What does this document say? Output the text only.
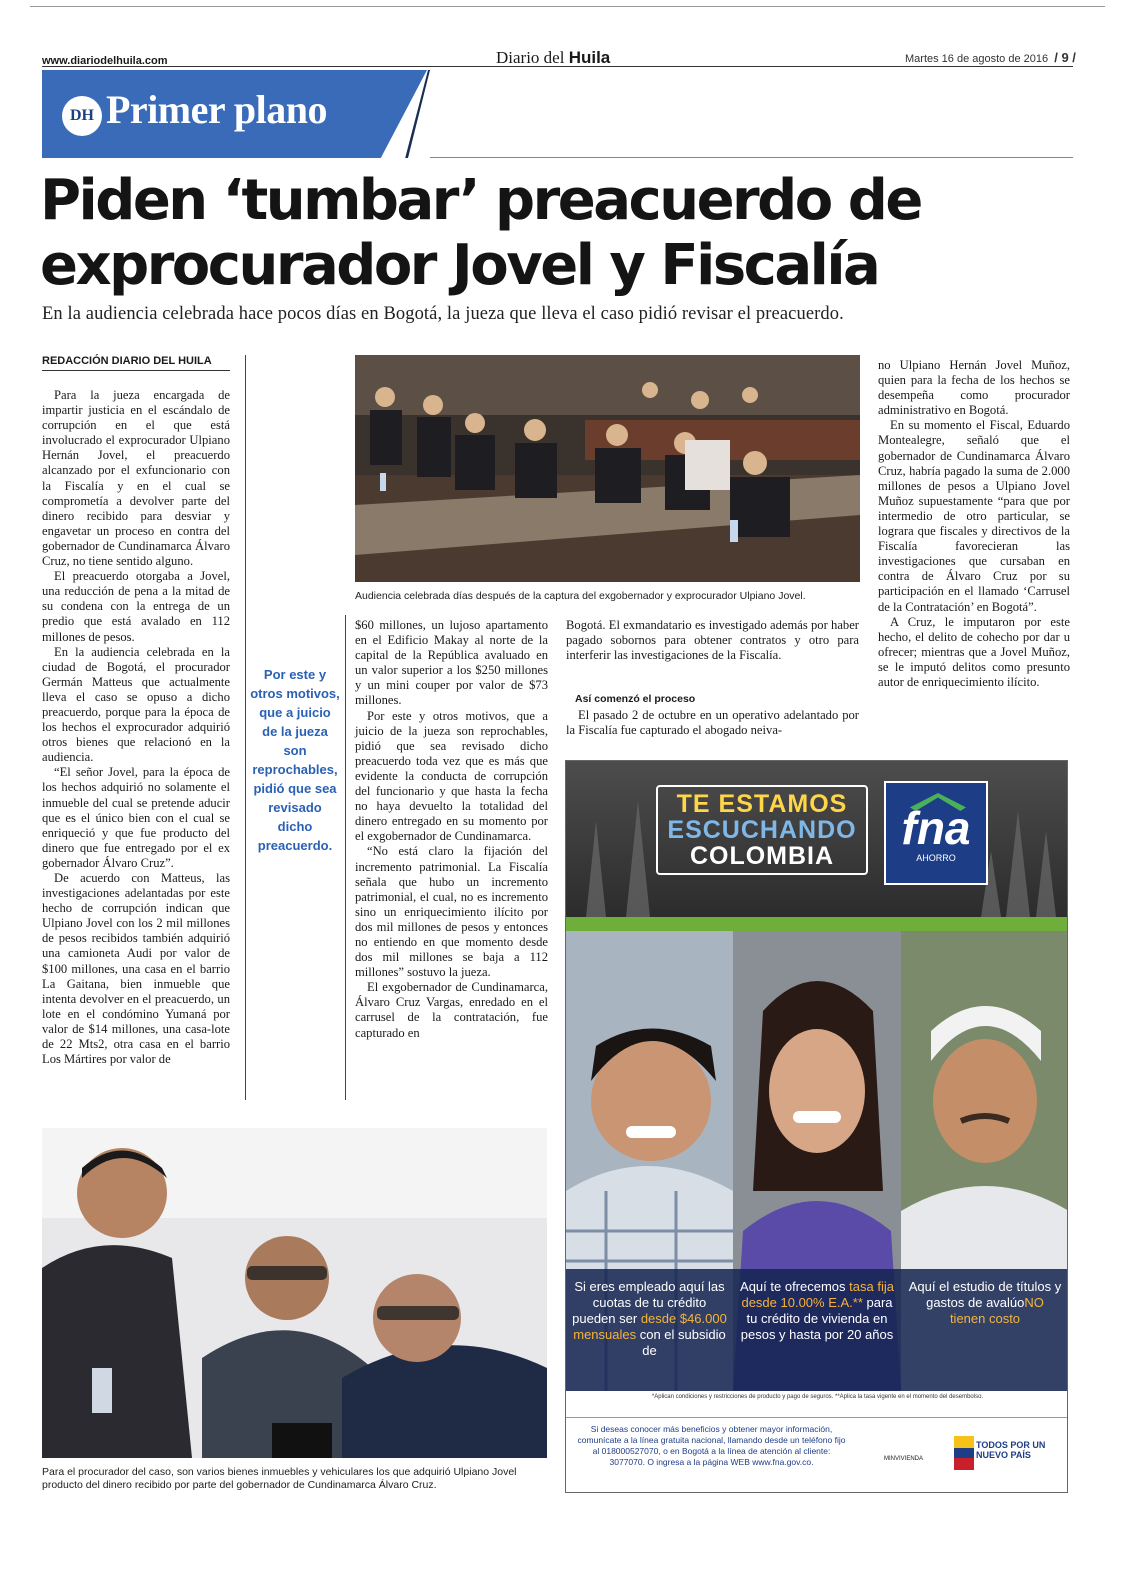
www.diariodelhuila.com	Diario del Huila	Martes 16 de agosto de 2016 / 9 /
DH Primer plano
Piden ‘tumbar’ preacuerdo de
exprocurador Jovel y Fiscalía
En la audiencia celebrada hace pocos días en Bogotá, la jueza que lleva el caso pidió revisar el preacuerdo.
REDACCIÓN DIARIO DEL HUILA

Para la jueza encargada de impartir justicia en el escándalo de corrupción en el que está involucrado el exprocurador Ulpiano Hernán Jovel, el preacuerdo alcanzado por el exfuncionario con la Fiscalía y en el cual se comprometía a devolver parte del dinero recibido para desviar y engavetar un proceso en contra del gobernador de Cundinamarca Álvaro Cruz, no tiene sentido alguno.

El preacuerdo otorgaba a Jovel, una reducción de pena a la mitad de su condena con la entrega de un predio que está avalado en 112 millones de pesos.

En la audiencia celebrada en la ciudad de Bogotá, el procurador Germán Matteus que actualmente lleva el caso se opuso a dicho preacuerdo, porque para la época de los hechos el exprocurador adquirió otros bienes que relacionó en la audiencia.

“El señor Jovel, para la época de los hechos adquirió no solamente el inmueble del cual se pretende aducir que es el único bien con el cual se enriqueció y que fue producto del dinero que fue entregado por el ex gobernador Álvaro Cruz”.

De acuerdo con Matteus, las investigaciones adelantadas por este hecho de corrupción indican que Ulpiano Jovel con los 2 mil millones de pesos recibidos también adquirió una camioneta Audi por valor de $100 millones, una casa en el barrio La Gaitana, bien inmueble que intenta devolver en el preacuerdo, un lote en el condómino Yumaná por valor de $14 millones, una casa-lote de 22 Mts2, otra casa en el barrio Los Mártires por valor de

Por este y otros motivos, que a juicio de la jueza son reprochables, pidió que sea revisado dicho preacuerdo.
Audiencia celebrada días después de la captura del exgobernador y exprocurador Ulpiano Jovel.

$60 millones, un lujoso apartamento en el Edificio Makay al norte de la capital de la República avaluado en un valor superior a los $250 millones y un mini couper por valor de $73 millones.

Por este y otros motivos, que a juicio de la jueza son reprochables, pidió que sea revisado dicho preacuerdo toda vez que es más que evidente la conducta de corrupción del funcionario y que hasta la fecha no haya devuelto la totalidad del dinero entregado en su momento por el exgobernador de Cundinamarca.

“No está claro la fijación del incremento patrimonial. La Fiscalía señala que hubo un incremento patrimonial, el cual, no es incremento sino un enriquecimiento ilícito por dos mil millones de pesos y entonces no entiendo en que momento desde dos mil millones se baja a 112 millones” sostuvo la jueza.

El exgobernador de Cundinamarca, Álvaro Cruz Vargas, enredado en el carrusel de la contratación, fue capturado en

Bogotá. El exmandatario es investigado además por haber pagado sobornos para obtener contratos y otro para interferir las investigaciones de la Fiscalía.

Así comenzó el proceso

El pasado 2 de octubre en un operativo adelantado por la Fiscalía fue capturado el abogado neiva-

no Ulpiano Hernán Jovel Muñoz, quien para la fecha de los hechos se desempeña como procurador administrativo en Bogotá.

En su momento el Fiscal, Eduardo Montealegre, señaló que el gobernador de Cundinamarca Álvaro Cruz, habría pagado la suma de 2.000 millones de pesos a Ulpiano Jovel Muñoz supuestamente “para que por intermedio de otro particular, se lograra que fiscales y directivos de la Fiscalía favorecieran las investigaciones que cursaban en contra de Álvaro Cruz por su participación en el llamado ‘Carrusel de la Contratación’ en Bogotá”.

A Cruz, le imputaron por este hecho, el delito de cohecho por dar u ofrecer; mientras que a Jovel Muñoz, se le imputó delitos como presunto autor de enriquecimiento ilícito.

Para el procurador del caso, son varios bienes inmuebles y vehiculares los que adquirió Ulpiano Jovel producto del dinero recibido por parte del gobernador de Cundinamarca Álvaro Cruz.
TE ESTAMOS
ESCUCHANDO
COLOMBIA
fna
AHORRO
Si eres empleado aquí las cuotas de tu crédito pueden ser desde $46.000 mensuales con el subsidio de
Aquí te ofrecemos tasa fija desde 10.00% E.A.** para tu crédito de vivienda en pesos y hasta por 20 años
Aquí el estudio de títulos y gastos de avalúoNO tienen costo
*Aplican condiciones y restricciones de producto y pago de seguros. **Aplica la tasa vigente en el momento del desembolso.
Si deseas conocer más beneficios y obtener mayor información, comunícate a la línea gratuita nacional, llamando desde un teléfono fijo al 018000527070, o en Bogotá a la línea de atención al cliente: 3077070. O ingresa a la página WEB www.fna.gov.co.	MINVIVIENDA
TODOS POR UN
NUEVO PAÍS
